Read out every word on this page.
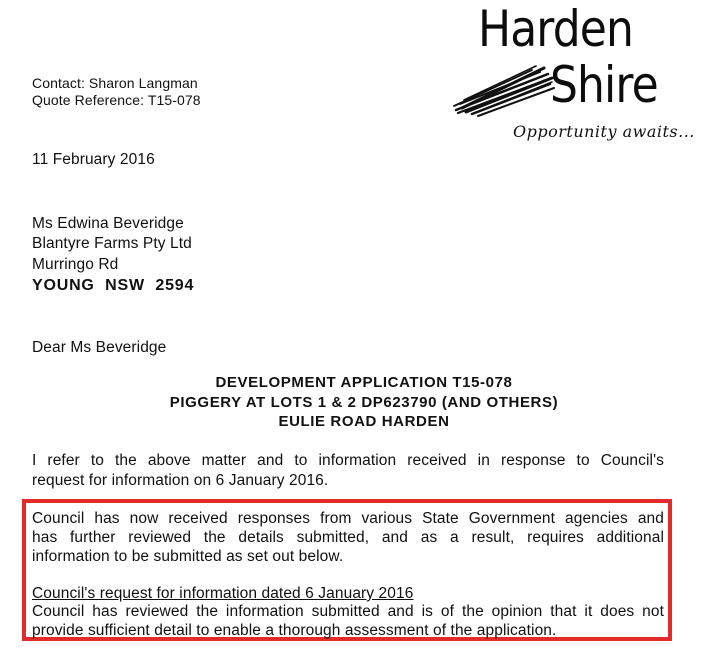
Harden
Shire
Opportunity awaits...
Contact: Sharon Langman
Quote Reference: T15-078
11 February 2016
Ms Edwina Beveridge
Blantyre Farms Pty Ltd
Murringo Rd
YOUNG  NSW  2594
Dear Ms Beveridge
DEVELOPMENT APPLICATION T15-078
PIGGERY AT LOTS 1 & 2 DP623790 (AND OTHERS)
EULIE ROAD HARDEN
I refer to the above matter and to information received in response to Council's
request for information on 6 January 2016.
Council has now received responses from various State Government agencies and
has further reviewed the details submitted, and as a result, requires additional
information to be submitted as set out below.
Council's request for information dated 6 January 2016
Council has reviewed the information submitted and is of the opinion that it does not
provide sufficient detail to enable a thorough assessment of the application.
